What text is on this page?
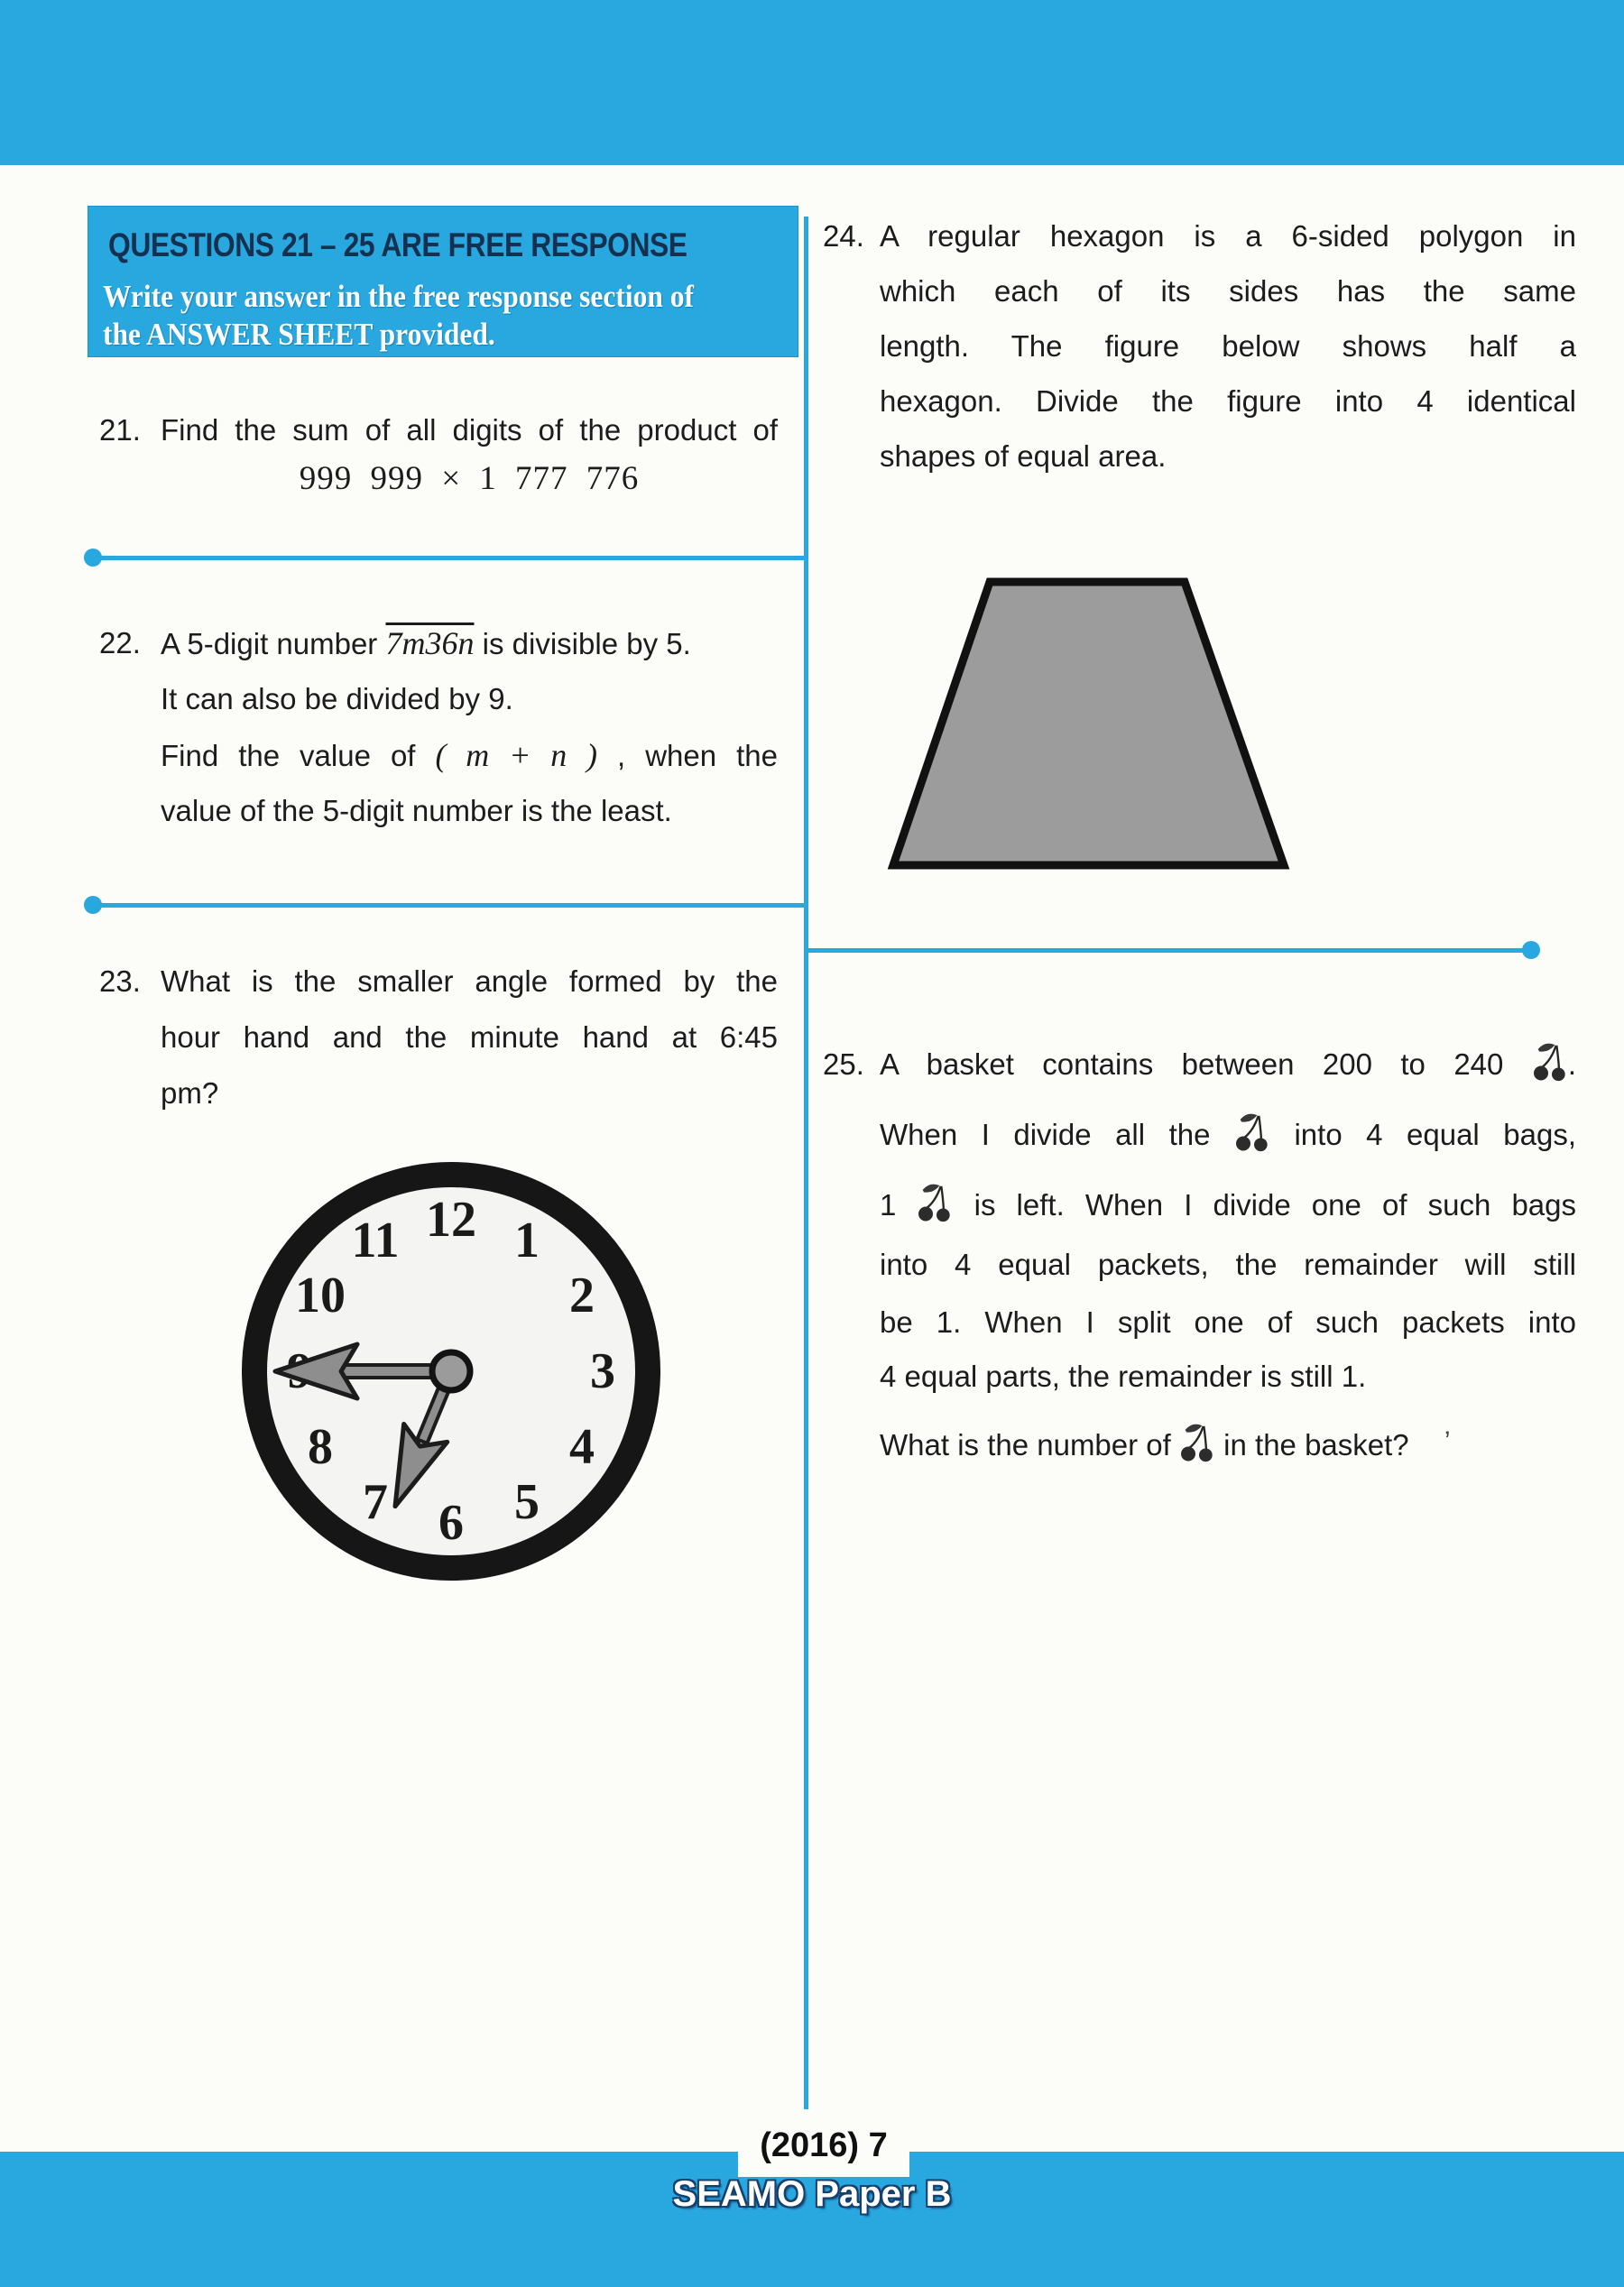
QUESTIONS 21 – 25 ARE FREE RESPONSE
Write your answer in the free response section of
the ANSWER SHEET provided.
21. Find the sum of all digits of the product of
999 999 × 1 777 776
22. A 5-digit number 7m36n is divisible by 5.
It can also be divided by 9.
Find the value of ( m + n ) , when the
value of the 5-digit number is the least.
23. What is the smaller angle formed by the
hour hand and the minute hand at 6:45
pm?
12 1
2
3
4
5
6
7
8
10
11
24. A regular hexagon is a 6-sided polygon in
which each of its sides has the same
length. The figure below shows half a
hexagon. Divide the figure into 4 identical
shapes of equal area.
25. A basket contains between 200 to 240 .
When I divide all the	into 4 equal bags,
1	is left. When I divide one of such bags
into 4 equal packets, the remainder will still
be 1. When I split one of such packets into
4 equal parts, the remainder is still 1.
What is the number of in the basket? ’
(2016) 7
SEAMO Paper B
